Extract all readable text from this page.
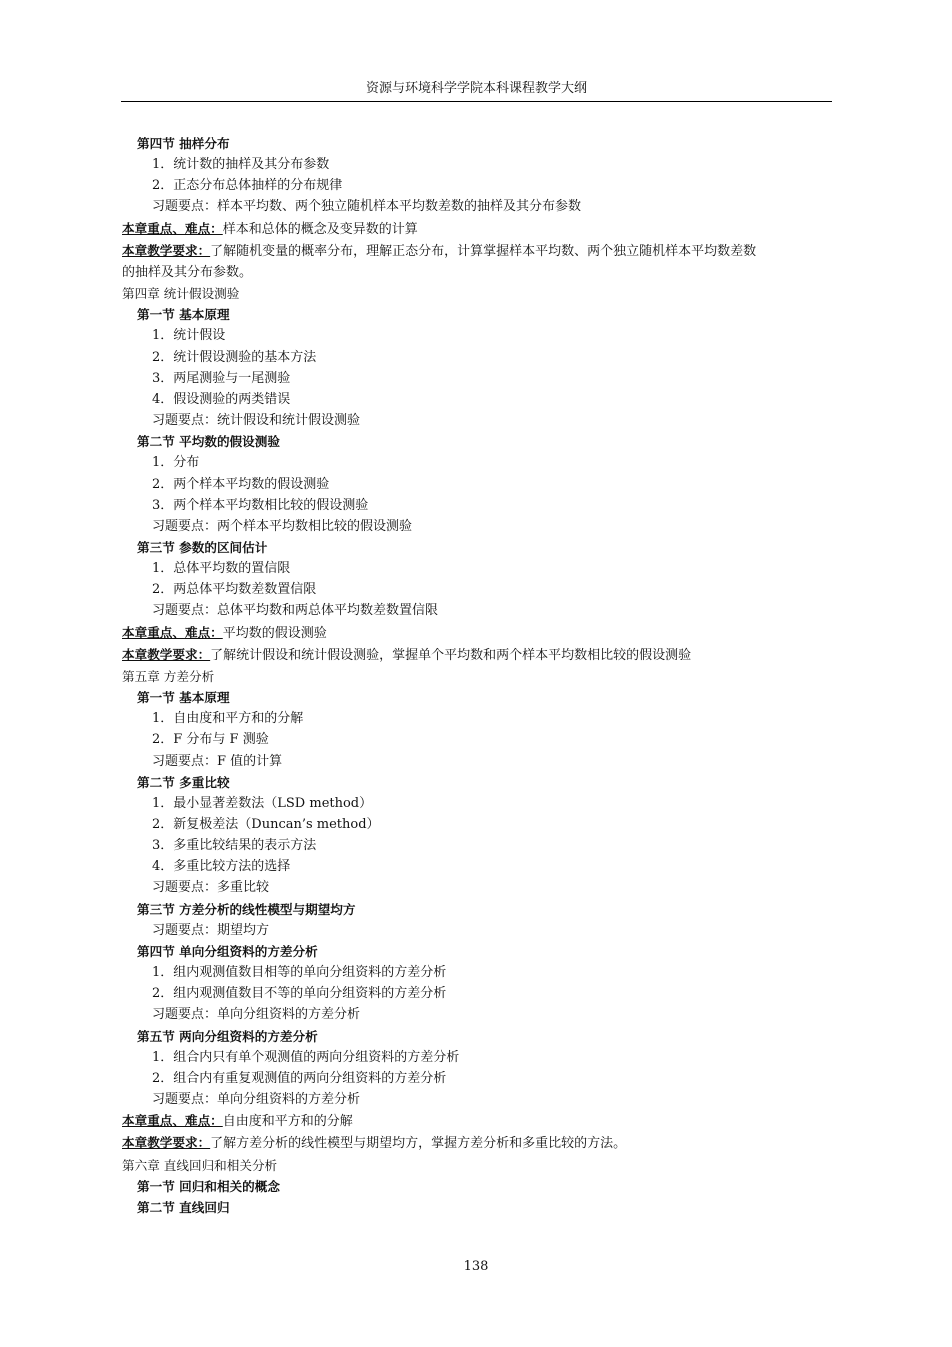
资源与环境科学学院本科课程教学大纲
第四节 抽样分布
1．统计数的抽样及其分布参数
2．正态分布总体抽样的分布规律
习题要点：样本平均数、两个独立随机样本平均数差数的抽样及其分布参数
本章重点、难点：样本和总体的概念及变异数的计算
本章教学要求：了解随机变量的概率分布，理解正态分布，计算掌握样本平均数、两个独立随机样本平均数差数
的抽样及其分布参数。
第四章 统计假设测验
第一节 基本原理
1．统计假设
2．统计假设测验的基本方法
3．两尾测验与一尾测验
4．假设测验的两类错误
习题要点：统计假设和统计假设测验
第二节 平均数的假设测验
1．分布
2．两个样本平均数的假设测验
3．两个样本平均数相比较的假设测验
习题要点：两个样本平均数相比较的假设测验
第三节 参数的区间估计
1．总体平均数的置信限
2．两总体平均数差数置信限
习题要点：总体平均数和两总体平均数差数置信限
本章重点、难点：平均数的假设测验
本章教学要求：了解统计假设和统计假设测验，掌握单个平均数和两个样本平均数相比较的假设测验
第五章 方差分析
第一节 基本原理
1．自由度和平方和的分解
2．F 分布与 F 测验
习题要点：F 值的计算
第二节 多重比较
1．最小显著差数法（LSD method）
2．新复极差法（Duncan’s method）
3．多重比较结果的表示方法
4．多重比较方法的选择
习题要点：多重比较
第三节 方差分析的线性模型与期望均方
习题要点：期望均方
第四节 单向分组资料的方差分析
1．组内观测值数目相等的单向分组资料的方差分析
2．组内观测值数目不等的单向分组资料的方差分析
习题要点：单向分组资料的方差分析
第五节 两向分组资料的方差分析
1．组合内只有单个观测值的两向分组资料的方差分析
2．组合内有重复观测值的两向分组资料的方差分析
习题要点：单向分组资料的方差分析
本章重点、难点：自由度和平方和的分解
本章教学要求：了解方差分析的线性模型与期望均方，掌握方差分析和多重比较的方法。
第六章 直线回归和相关分析
第一节 回归和相关的概念
第二节 直线回归
138
